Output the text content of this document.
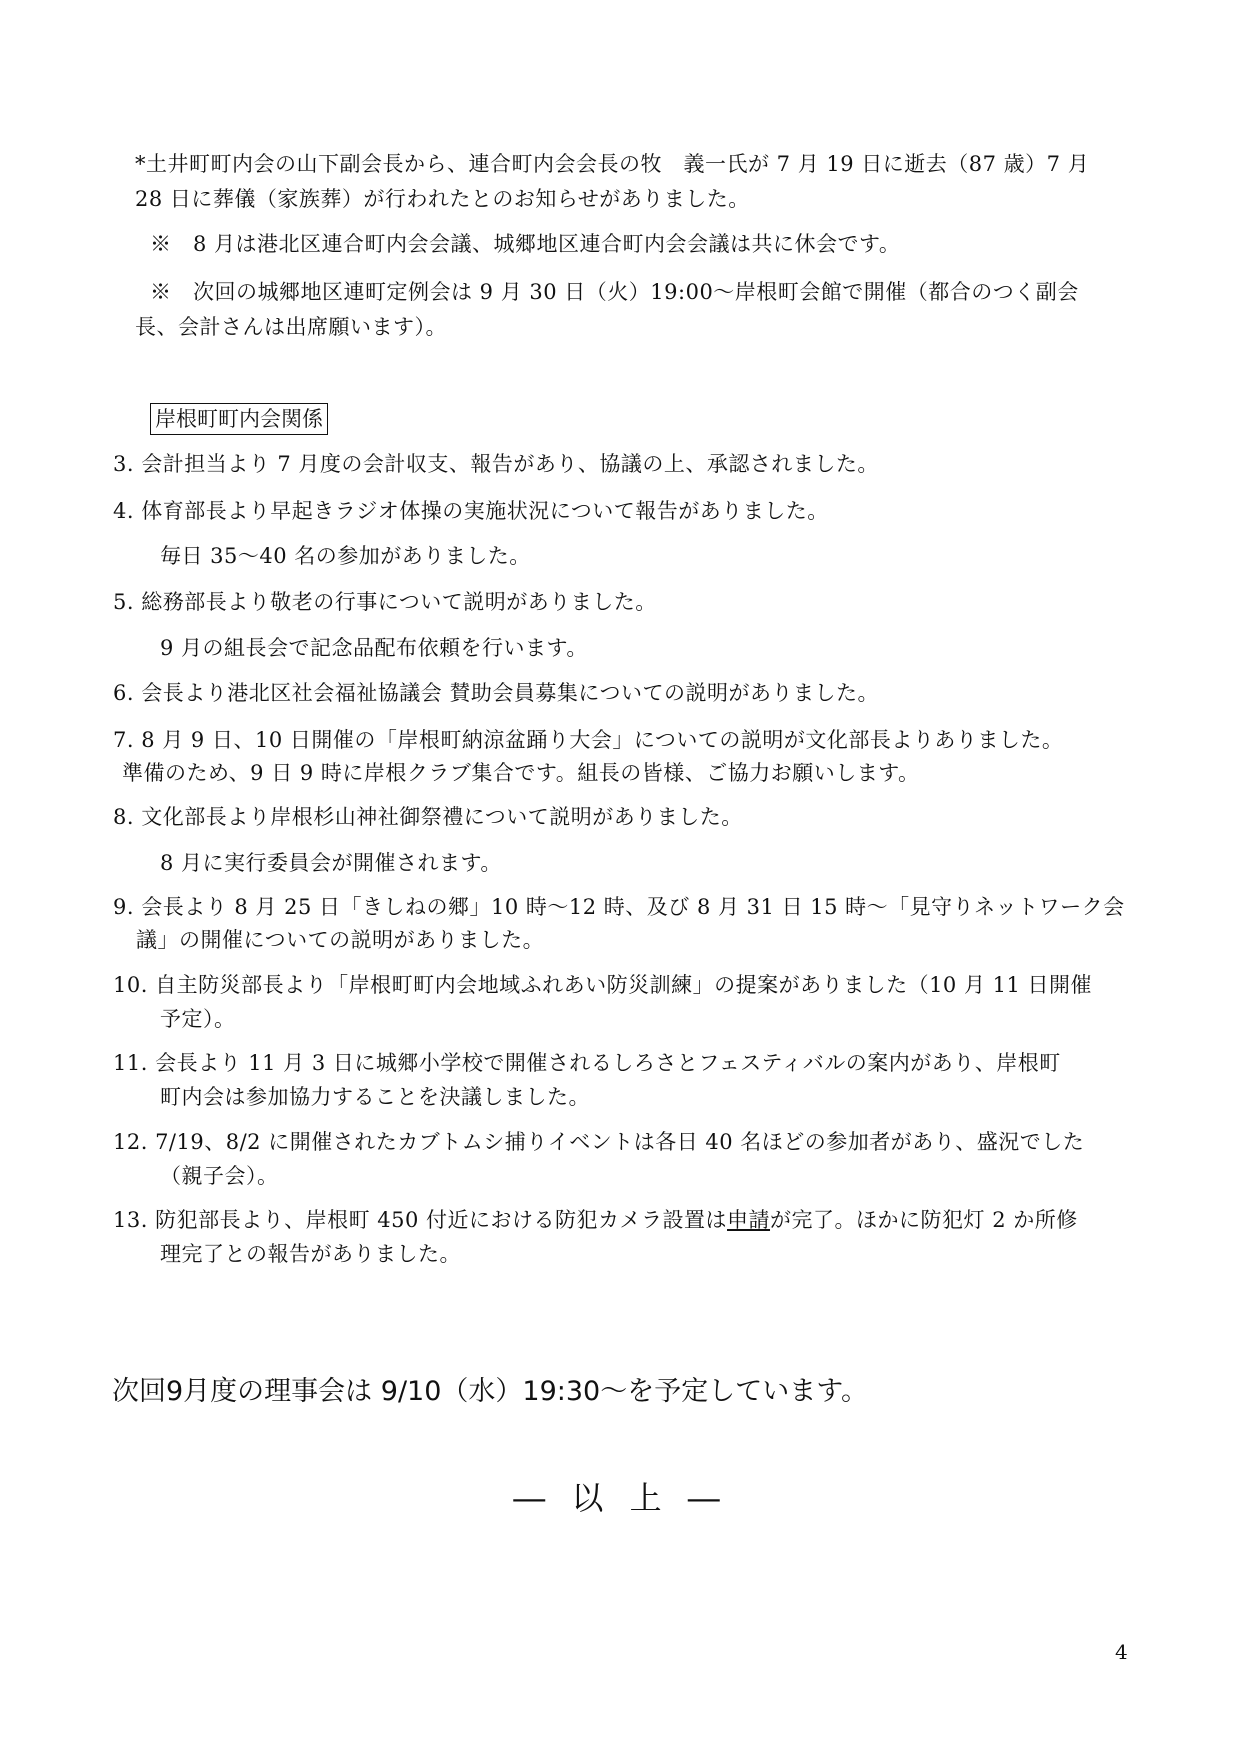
*土井町町内会の山下副会長から、連合町内会会長の牧　義一氏が 7 月 19 日に逝去（87 歳）7 月
28 日に葬儀（家族葬）が行われたとのお知らせがありました。
※　8 月は港北区連合町内会会議、城郷地区連合町内会会議は共に休会です。
※　次回の城郷地区連町定例会は 9 月 30 日（火）19:00～岸根町会館で開催（都合のつく副会
長、会計さんは出席願います）。
岸根町町内会関係
3. 会計担当より 7 月度の会計収支、報告があり、協議の上、承認されました。
4. 体育部長より早起きラジオ体操の実施状況について報告がありました。
毎日 35～40 名の参加がありました。
5. 総務部長より敬老の行事について説明がありました。
9 月の組長会で記念品配布依頼を行います。
6. 会長より港北区社会福祉協議会 賛助会員募集についての説明がありました。
7. 8 月 9 日、10 日開催の「岸根町納涼盆踊り大会」についての説明が文化部長よりありました。
準備のため、9 日 9 時に岸根クラブ集合です。組長の皆様、ご協力お願いします。
8. 文化部長より岸根杉山神社御祭禮について説明がありました。
8 月に実行委員会が開催されます。
9. 会長より 8 月 25 日「きしねの郷」10 時～12 時、及び 8 月 31 日 15 時～「見守りネットワーク会
議」の開催についての説明がありました。
10. 自主防災部長より「岸根町町内会地域ふれあい防災訓練」の提案がありました（10 月 11 日開催
予定）。
11. 会長より 11 月 3 日に城郷小学校で開催されるしろさとフェスティバルの案内があり、岸根町
町内会は参加協力することを決議しました。
12. 7/19、8/2 に開催されたカブトムシ捕りイベントは各日 40 名ほどの参加者があり、盛況でした
（親子会）。
13. 防犯部長より、岸根町 450 付近における防犯カメラ設置は申請が完了。ほかに防犯灯 2 か所修
理完了との報告がありました。
次回9月度の理事会は 9/10（水）19:30～を予定しています。
― 以 上 ―
4
